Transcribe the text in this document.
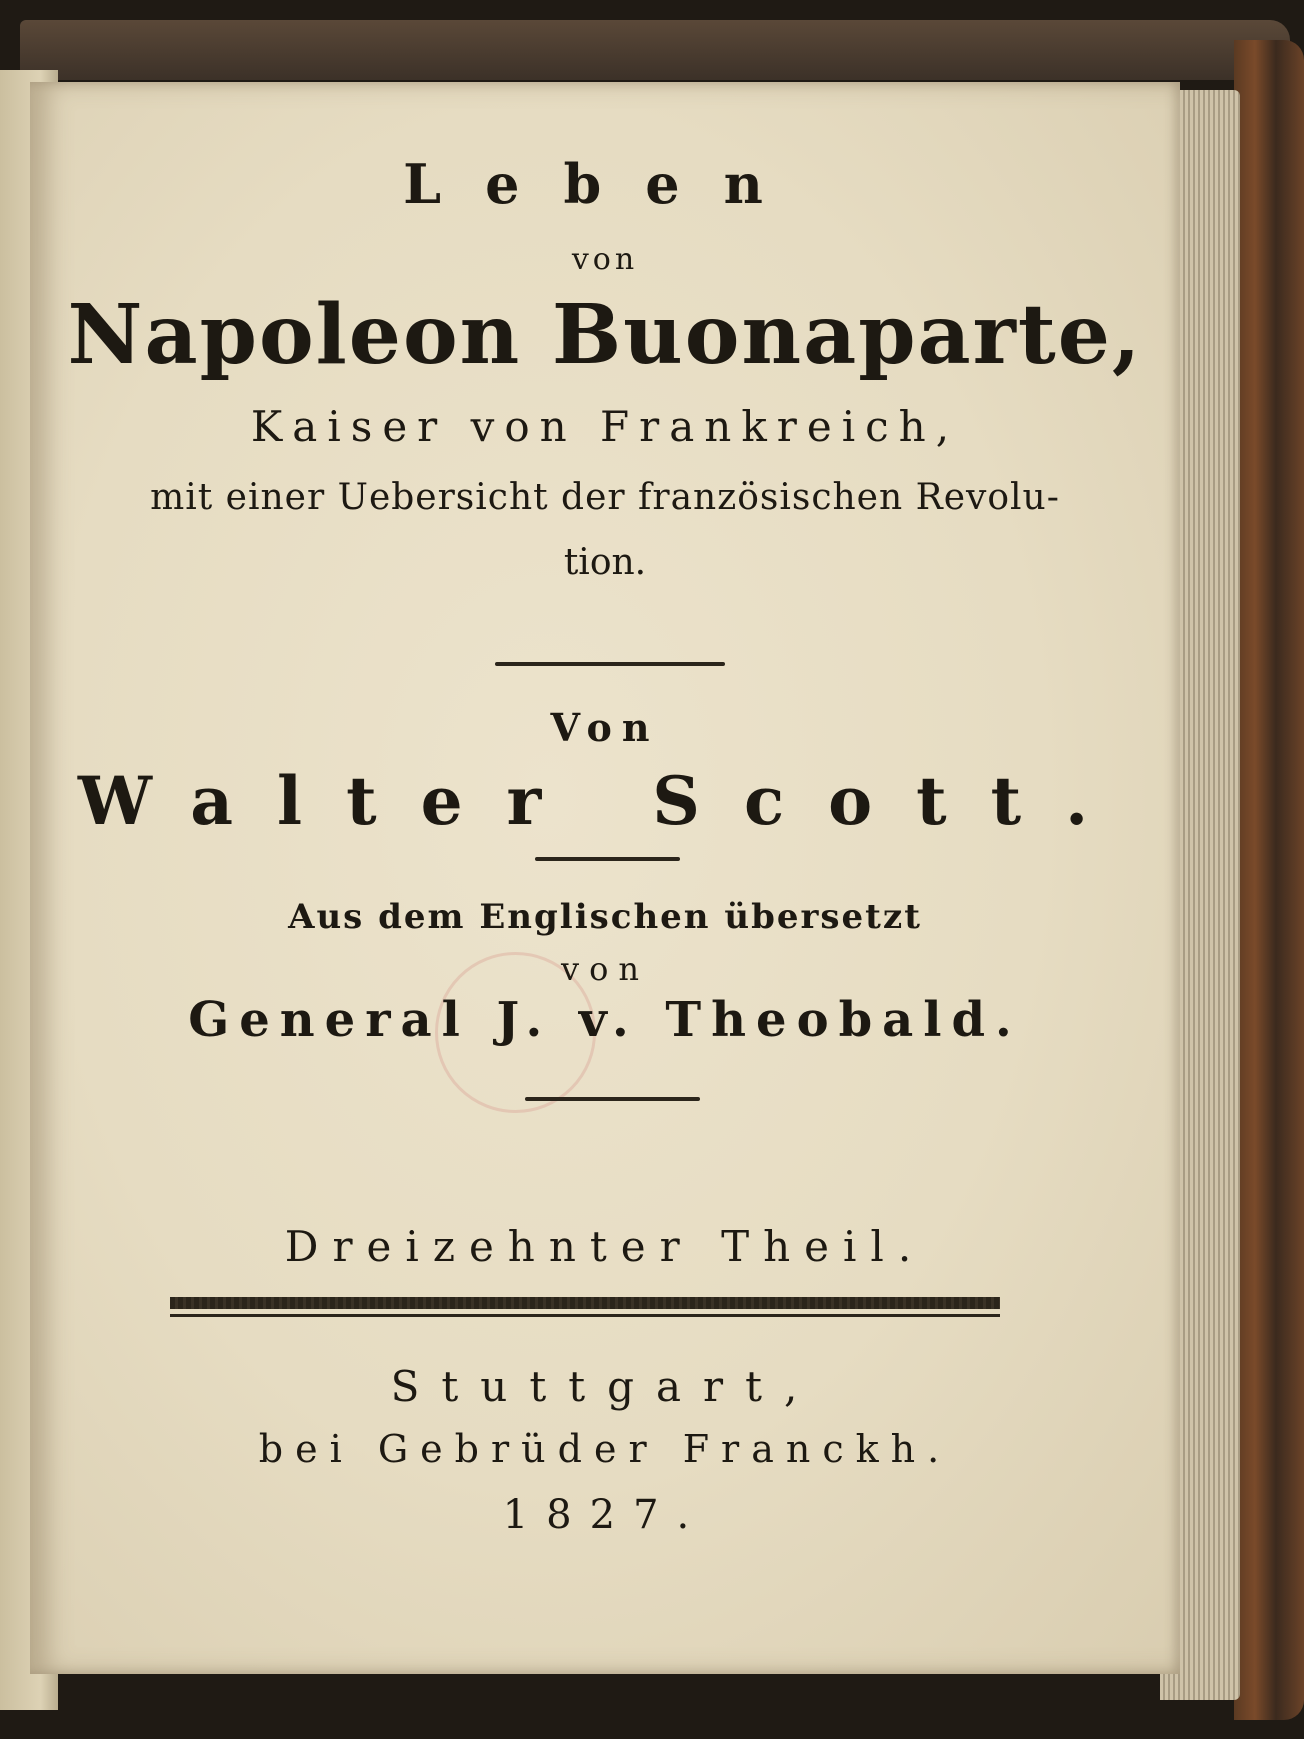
Leben
von
Napoleon Buonaparte,
Kaiser von Frankreich,
mit einer Uebersicht der französischen Revolu-
tion.
Von
Walter Scott.
Aus dem Englischen übersetzt
von
General J. v. Theobald.
Dreizehnter Theil.
Stuttgart,
bei Gebrüder Franckh.
1827.
